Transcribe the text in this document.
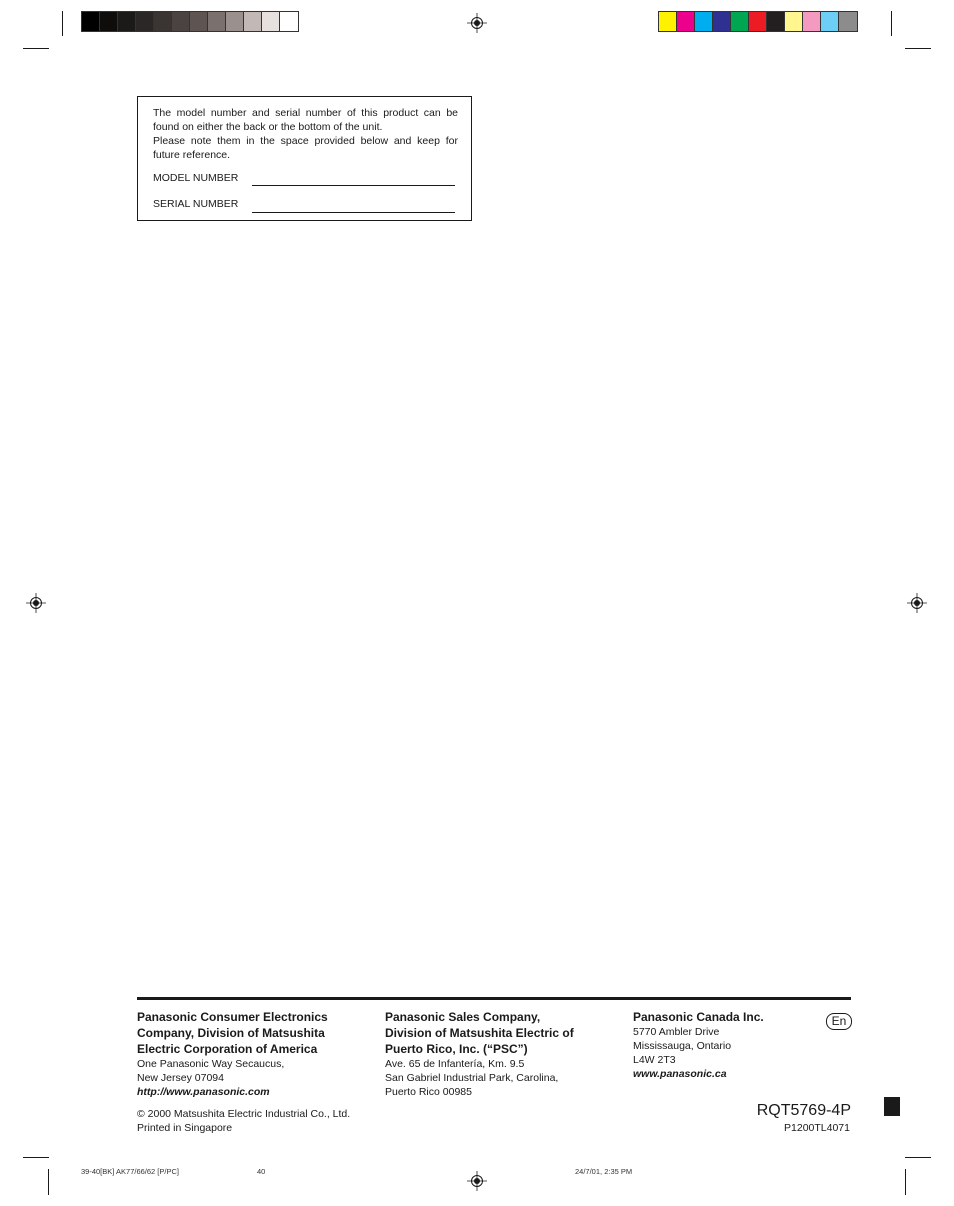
The model number and serial number of this product can be found on either the back or the bottom of the unit.
Please note them in the space provided below and keep for future reference.
MODEL NUMBER
SERIAL NUMBER
Panasonic Consumer Electronics Company, Division of Matsushita Electric Corporation of America
One Panasonic Way Secaucus,
New Jersey 07094
http://www.panasonic.com
Panasonic Sales Company, Division of Matsushita Electric of Puerto Rico, Inc. (“PSC”)
Ave. 65 de Infantería, Km. 9.5
San Gabriel Industrial Park, Carolina,
Puerto Rico 00985
Panasonic Canada Inc.
5770 Ambler Drive
Mississauga, Ontario
L4W 2T3
www.panasonic.ca
En
© 2000 Matsushita Electric Industrial Co., Ltd.
Printed in Singapore
RQT5769-4P
P1200TL4071
39-40[BK] AK77/66/62 [P/PC]	40	24/7/01, 2:35 PM
